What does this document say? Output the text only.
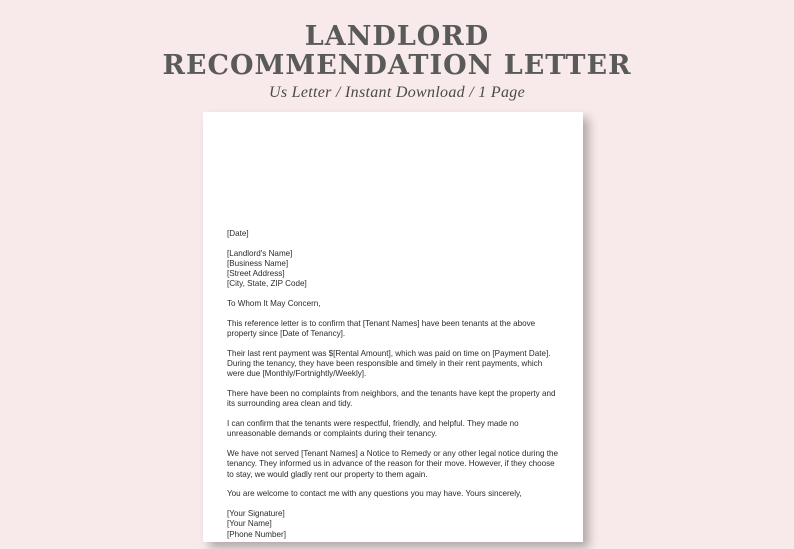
LANDLORD
RECOMMENDATION LETTER
Us Letter / Instant Download / 1 Page

[Date]

[Landlord's Name]
[Business Name]
[Street Address]
[City, State, ZIP Code]

To Whom It May Concern,

This reference letter is to confirm that [Tenant Names] have been tenants at the above property since [Date of Tenancy].

Their last rent payment was $[Rental Amount], which was paid on time on [Payment Date]. During the tenancy, they have been responsible and timely in their rent payments, which were due [Monthly/Fortnightly/Weekly].

There have been no complaints from neighbors, and the tenants have kept the property and its surrounding area clean and tidy.

I can confirm that the tenants were respectful, friendly, and helpful. They made no unreasonable demands or complaints during their tenancy.

We have not served [Tenant Names] a Notice to Remedy or any other legal notice during the tenancy. They informed us in advance of the reason for their move. However, if they choose to stay, we would gladly rent our property to them again.

You are welcome to contact me with any questions you may have. Yours sincerely,

[Your Signature]
[Your Name]
[Phone Number]
